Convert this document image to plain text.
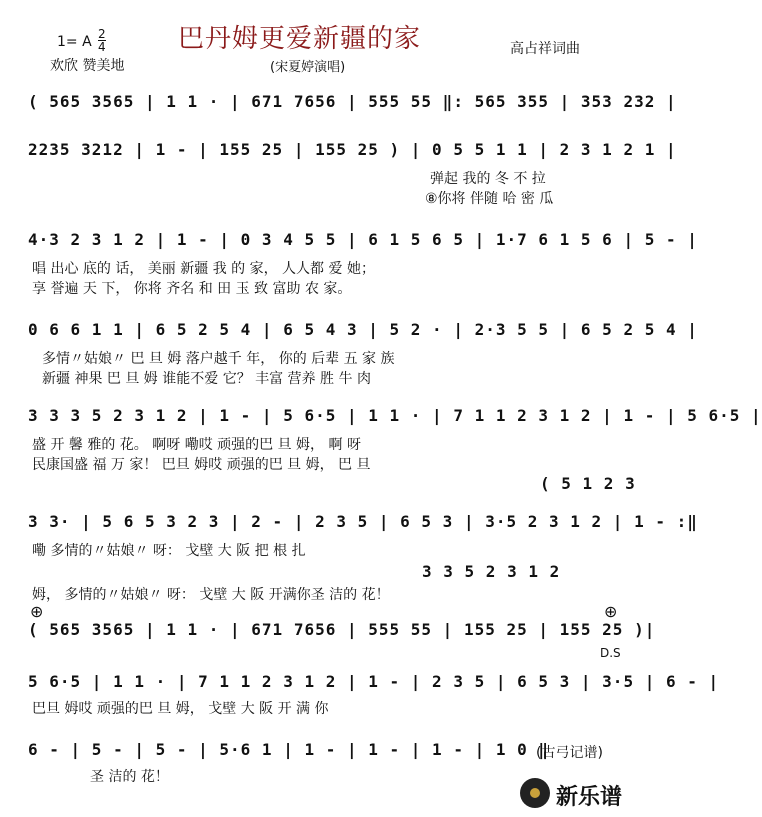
1= A $\frac{2}{4}$	巴丹姆更爱新疆的家	高占祥词曲
欢欣 赞美地	(宋夏婷演唱)
( 565 3565 | 1 1 · | 671 7656 | 555 55 ‖: 565 355 | 353 232 |
2235 3212 | 1 - | 155 25 | 155 25 ) | 0 5 5 1 1 | 2 3 1 2 1 |
弹起 我的 冬 不 拉
⑧你将 伴随 哈 密 瓜
4·3 2 3 1 2 | 1 - | 0 3 4 5 5 | 6 1 5 6 5 | 1·7 6 1 5 6 | 5 - |
唱 出心 底的 话， 美丽 新疆 我 的 家， 人人都 爱 她；
享 誉遍 天 下， 你将 齐名 和 田 玉 致 富助 农 家。
0 6 6 1 1 | 6 5 2 5 4 | 6 5 4 3 | 5 2 · | 2·3 5 5 | 6 5 2 5 4 |
多情〃姑娘〃 巴 旦 姆 落户越千 年， 你的 后辈 五 家 族
新疆 神果 巴 旦 姆 谁能不爱 它？ 丰富 营养 胜 牛 肉
3 3 3 5 2 3 1 2 | 1 - | 5 6·5 | 1 1 · | 7 1 1 2 3 1 2 | 1 - | 5 6·5 |
盛 开 馨 雅的 花。 啊呀 嘞哎 顽强的巴 旦 姆， 啊 呀
民康国盛 福 万 家！ 巴旦 姆哎 顽强的巴 旦 姆， 巴 旦
( 5 1 2 3
3 3· | 5 6 5 3 2 3 | 2 - | 2 3 5 | 6 5 3 | 3·5 2 3 1 2 | 1 - :‖
嘞 多情的〃姑娘〃 呀： 戈壁 大 阪 把 根 扎
3 3 5 2 3 1 2
姆， 多情的〃姑娘〃 呀： 戈壁 大 阪 开满你圣 洁的 花！
⊕	⊕
( 565 3565 | 1 1 · | 671 7656 | 555 55 | 155 25 | 155 25 )|
D.S
5 6·5 | 1 1 · | 7 1 1 2 3 1 2 | 1 - | 2 3 5 | 6 5 3 | 3·5 | 6 - |
巴旦 姆哎 顽强的巴 旦 姆， 戈壁 大 阪 开 满 你
6 - | 5 - | 5 - | 5·6 1 | 1 - | 1 - | 1 - | 1 0 ‖
(古弓记谱)
圣 洁的 花！
新乐谱
